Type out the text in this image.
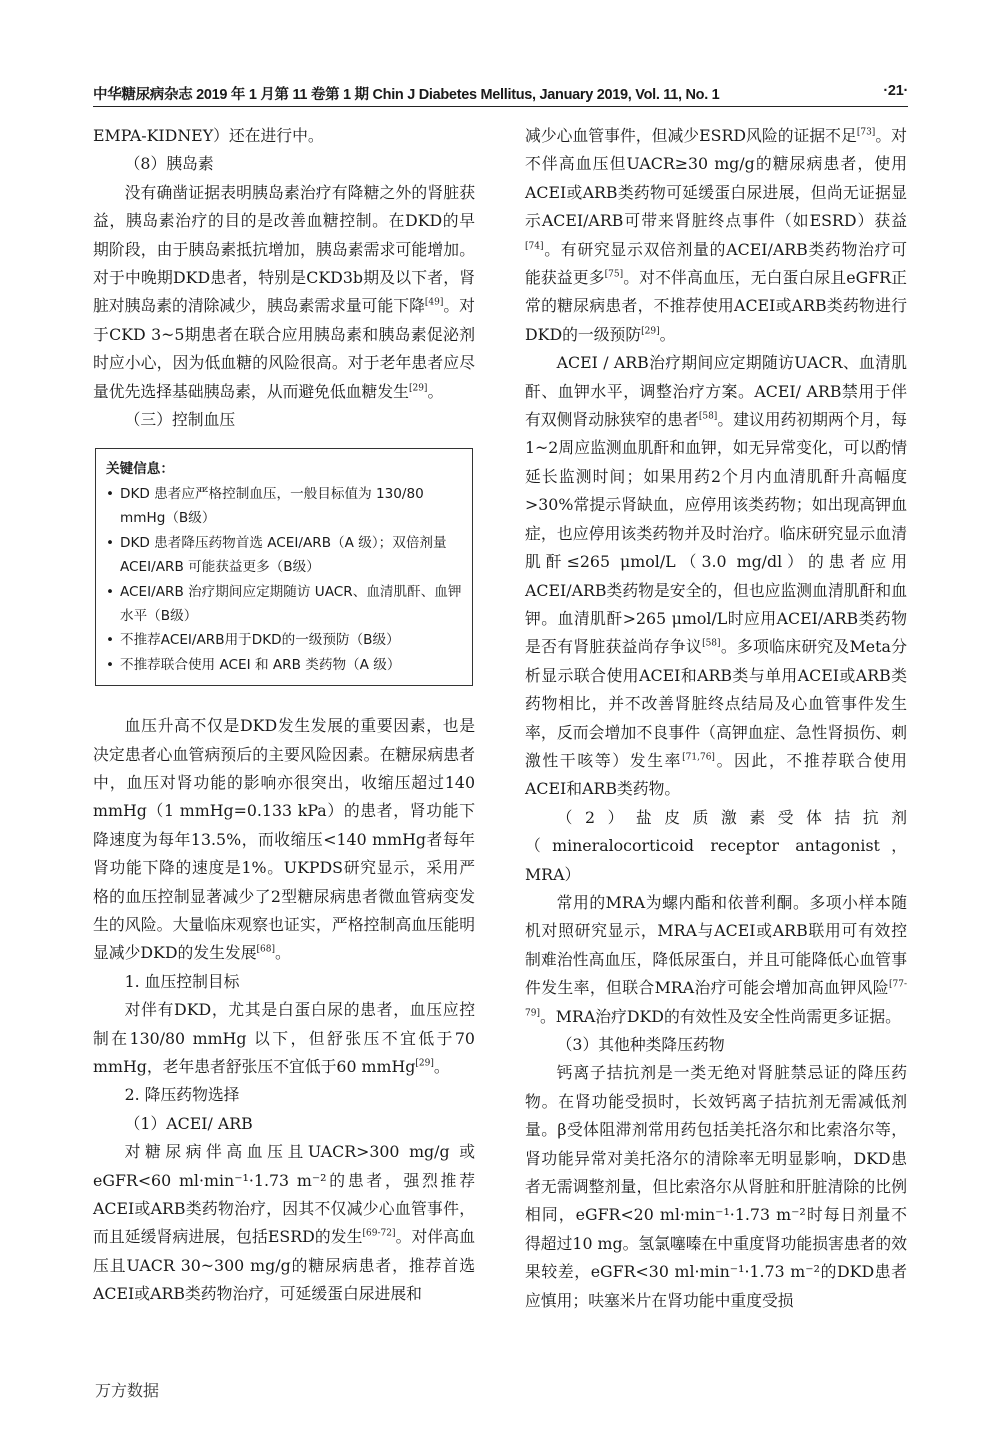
中华糖尿病杂志 2019 年 1 月第 11 卷第 1 期 Chin J Diabetes Mellitus, January 2019, Vol. 11, No. 1	·21·

EMPA-KIDNEY）还在进行中。

（8）胰岛素

没有确凿证据表明胰岛素治疗有降糖之外的肾脏获益，胰岛素治疗的目的是改善血糖控制。在DKD的早期阶段，由于胰岛素抵抗增加，胰岛素需求可能增加。对于中晚期DKD患者，特别是CKD3b期及以下者，肾脏对胰岛素的清除减少，胰岛素需求量可能下降[49]。对于CKD 3~5期患者在联合应用胰岛素和胰岛素促泌剂时应小心，因为低血糖的风险很高。对于老年患者应尽量优先选择基础胰岛素，从而避免低血糖发生[29]。

（三）控制血压

关键信息：

• DKD 患者应严格控制血压，一般目标值为 130/80 mmHg（B级）
• DKD 患者降压药物首选 ACEI/ARB（A 级）；双倍剂量 ACEI/ARB 可能获益更多（B级）
• ACEI/ARB 治疗期间应定期随访 UACR、血清肌酐、血钾水平（B级）
• 不推荐ACEI/ARB用于DKD的一级预防（B级）
• 不推荐联合使用 ACEI 和 ARB 类药物（A 级）

血压升高不仅是DKD发生发展的重要因素，也是决定患者心血管病预后的主要风险因素。在糖尿病患者中，血压对肾功能的影响亦很突出，收缩压超过140 mmHg（1 mmHg=0.133 kPa）的患者，肾功能下降速度为每年13.5%，而收缩压<140 mmHg者每年肾功能下降的速度是1%。UKPDS研究显示，采用严格的血压控制显著减少了2型糖尿病患者微血管病变发生的风险。大量临床观察也证实，严格控制高血压能明显减少DKD的发生发展[68]。

1. 血压控制目标

对伴有DKD，尤其是白蛋白尿的患者，血压应控制在130/80 mmHg 以下，但舒张压不宜低于70 mmHg，老年患者舒张压不宜低于60 mmHg[29]。

2. 降压药物选择

（1）ACEI/ ARB

对糖尿病伴高血压且UACR>300 mg/g 或eGFR<60 ml·min⁻¹·1.73 m⁻²的患者，强烈推荐ACEI或ARB类药物治疗，因其不仅减少心血管事件，而且延缓肾病进展，包括ESRD的发生[69-72]。对伴高血压且UACR 30~300 mg/g的糖尿病患者，推荐首选ACEI或ARB类药物治疗，可延缓蛋白尿进展和

减少心血管事件，但减少ESRD风险的证据不足[73]。对不伴高血压但UACR≥30 mg/g的糖尿病患者，使用ACEI或ARB类药物可延缓蛋白尿进展，但尚无证据显示ACEI/ARB可带来肾脏终点事件（如ESRD）获益[74]。有研究显示双倍剂量的ACEI/ARB类药物治疗可能获益更多[75]。对不伴高血压，无白蛋白尿且eGFR正常的糖尿病患者，不推荐使用ACEI或ARB类药物进行DKD的一级预防[29]。

ACEI / ARB治疗期间应定期随访UACR、血清肌酐、血钾水平，调整治疗方案。ACEI/ ARB禁用于伴有双侧肾动脉狭窄的患者[58]。建议用药初期两个月，每1~2周应监测血肌酐和血钾，如无异常变化，可以酌情延长监测时间；如果用药2个月内血清肌酐升高幅度>30%常提示肾缺血，应停用该类药物；如出现高钾血症，也应停用该类药物并及时治疗。临床研究显示血清肌酐≤265 μmol/L（3.0 mg/dl）的患者应用ACEI/ARB类药物是安全的，但也应监测血清肌酐和血钾。血清肌酐>265 μmol/L时应用ACEI/ARB类药物是否有肾脏获益尚存争议[58]。多项临床研究及Meta分析显示联合使用ACEI和ARB类与单用ACEI或ARB类药物相比，并不改善肾脏终点结局及心血管事件发生率，反而会增加不良事件（高钾血症、急性肾损伤、刺激性干咳等）发生率[71,76]。因此，不推荐联合使用ACEI和ARB类药物。

（2）盐皮质激素受体拮抗剂（mineralocorticoid receptor antagonist，MRA）

常用的MRA为螺内酯和依普利酮。多项小样本随机对照研究显示，MRA与ACEI或ARB联用可有效控制难治性高血压，降低尿蛋白，并且可能降低心血管事件发生率，但联合MRA治疗可能会增加高血钾风险[77-79]。MRA治疗DKD的有效性及安全性尚需更多证据。

（3）其他种类降压药物

钙离子拮抗剂是一类无绝对肾脏禁忌证的降压药物。在肾功能受损时，长效钙离子拮抗剂无需减低剂量。β受体阻滞剂常用药包括美托洛尔和比索洛尔等，肾功能异常对美托洛尔的清除率无明显影响，DKD患者无需调整剂量，但比索洛尔从肾脏和肝脏清除的比例相同，eGFR<20 ml·min⁻¹·1.73 m⁻²时每日剂量不得超过10 mg。氢氯噻嗪在中重度肾功能损害患者的效果较差，eGFR<30 ml·min⁻¹·1.73 m⁻²的DKD患者应慎用；呋塞米片在肾功能中重度受损

万方数据
